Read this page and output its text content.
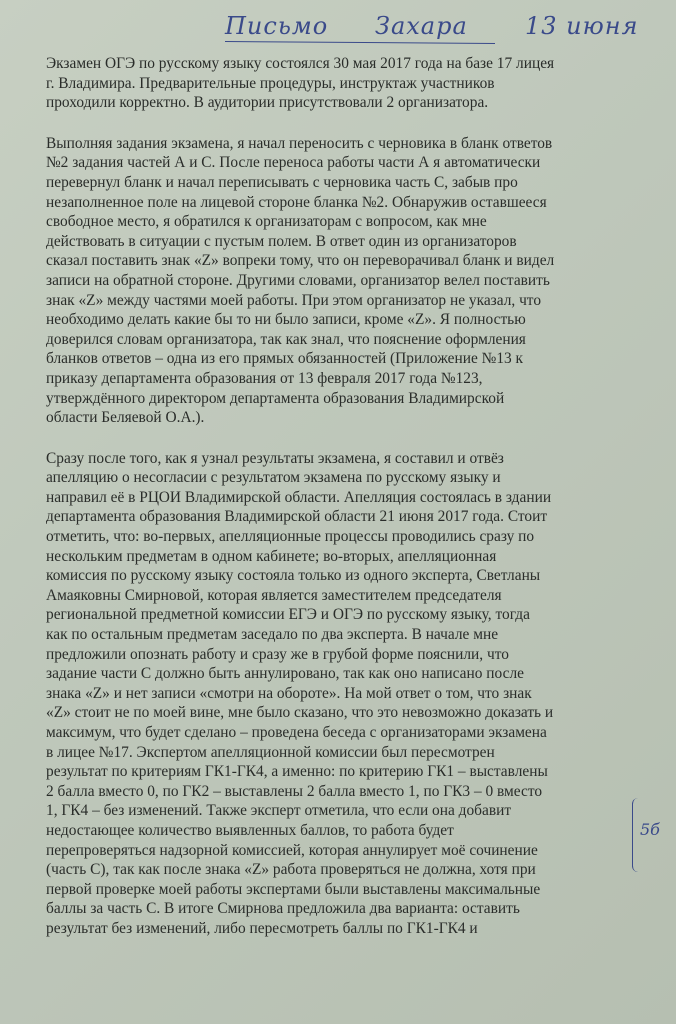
Письмо Захара 13 июня
Экзамен ОГЭ по русскому языку состоялся 30 мая 2017 года на базе 17 лицея
г. Владимира. Предварительные процедуры, инструктаж участников
проходили корректно. В аудитории присутствовали 2 организатора.
Выполняя задания экзамена, я начал переносить с черновика в бланк ответов
№2 задания частей А и С. После переноса работы части А я автоматически
перевернул бланк и начал переписывать с черновика часть С, забыв про
незаполненное поле на лицевой стороне бланка №2. Обнаружив оставшееся
свободное место, я обратился к организаторам с вопросом, как мне
действовать в ситуации с пустым полем. В ответ один из организаторов
сказал поставить знак «Z» вопреки тому, что он переворачивал бланк и видел
записи на обратной стороне. Другими словами, организатор велел поставить
знак «Z» между частями моей работы. При этом организатор не указал, что
необходимо делать какие бы то ни было записи, кроме «Z». Я полностью
доверился словам организатора, так как знал, что пояснение оформления
бланков ответов – одна из его прямых обязанностей (Приложение №13 к
приказу департамента образования от 13 февраля 2017 года №123,
утверждённого директором департамента образования Владимирской
области Беляевой О.А.).
Сразу после того, как я узнал результаты экзамена, я составил и отвёз
апелляцию о несогласии с результатом экзамена по русскому языку и
направил её в РЦОИ Владимирской области. Апелляция состоялась в здании
департамента образования Владимирской области 21 июня 2017 года. Стоит
отметить, что: во-первых, апелляционные процессы проводились сразу по
нескольким предметам в одном кабинете; во-вторых, апелляционная
комиссия по русскому языку состояла только из одного эксперта, Светланы
Амаяковны Смирновой, которая является заместителем председателя
региональной предметной комиссии ЕГЭ и ОГЭ по русскому языку, тогда
как по остальным предметам заседало по два эксперта. В начале мне
предложили опознать работу и сразу же в грубой форме пояснили, что
задание части С должно быть аннулировано, так как оно написано после
знака «Z» и нет записи «смотри на обороте». На мой ответ о том, что знак
«Z» стоит не по моей вине, мне было сказано, что это невозможно доказать и
максимум, что будет сделано – проведена беседа с организаторами экзамена
в лицее №17. Экспертом апелляционной комиссии был пересмотрен
результат по критериям ГК1-ГК4, а именно: по критерию ГК1 – выставлены
2 балла вместо 0, по ГК2 – выставлены 2 балла вместо 1, по ГК3 – 0 вместо
1, ГК4 – без изменений. Также эксперт отметила, что если она добавит
недостающее количество выявленных баллов, то работа будет
перепроверяться надзорной комиссией, которая аннулирует моё сочинение
(часть С), так как после знака «Z» работа проверяться не должна, хотя при
первой проверке моей работы экспертами были выставлены максимальные
баллы за часть С. В итоге Смирнова предложила два варианта: оставить
результат без изменений, либо пересмотреть баллы по ГК1-ГК4 и
5б
